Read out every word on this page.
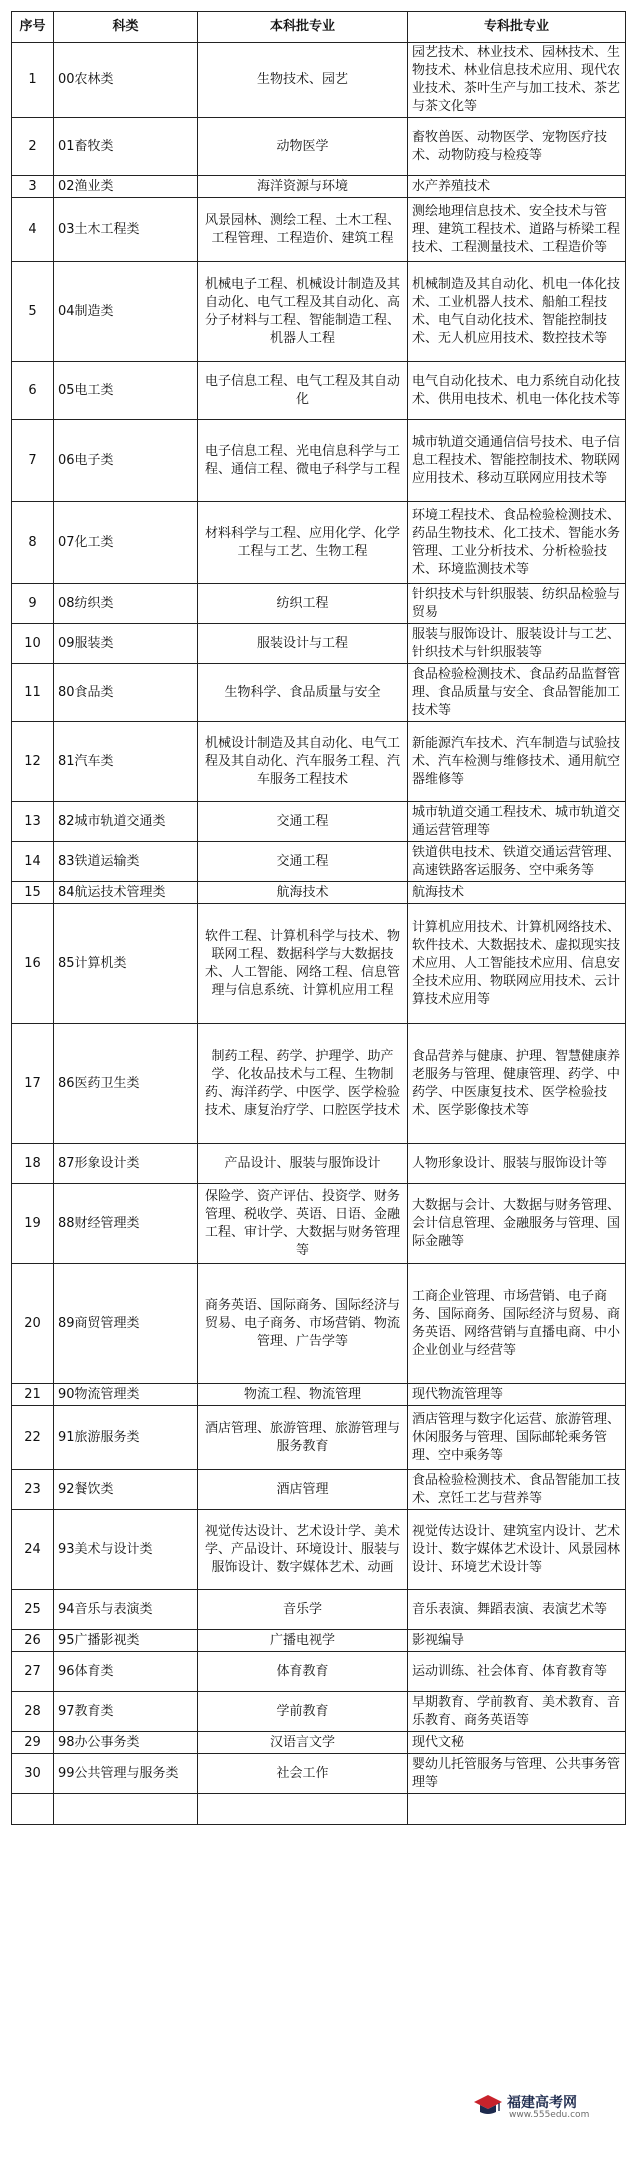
序号	科类	本科批专业	专科批专业
1	00农林类	生物技术、园艺	园艺技术、林业技术、园林技术、生物技术、林业信息技术应用、现代农业技术、茶叶生产与加工技术、茶艺与茶文化等
2	01畜牧类	动物医学	畜牧兽医、动物医学、宠物医疗技术、动物防疫与检疫等
3	02渔业类	海洋资源与环境	水产养殖技术
4	03土木工程类	风景园林、测绘工程、土木工程、工程管理、工程造价、建筑工程	测绘地理信息技术、安全技术与管理、建筑工程技术、道路与桥梁工程技术、工程测量技术、工程造价等
5	04制造类	机械电子工程、机械设计制造及其自动化、电气工程及其自动化、高分子材料与工程、智能制造工程、机器人工程	机械制造及其自动化、机电一体化技术、工业机器人技术、船舶工程技术、电气自动化技术、智能控制技术、无人机应用技术、数控技术等
6	05电工类	电子信息工程、电气工程及其自动化	电气自动化技术、电力系统自动化技术、供用电技术、机电一体化技术等
7	06电子类	电子信息工程、光电信息科学与工程、通信工程、微电子科学与工程	城市轨道交通通信信号技术、电子信息工程技术、智能控制技术、物联网应用技术、移动互联网应用技术等
8	07化工类	材料科学与工程、应用化学、化学工程与工艺、生物工程	环境工程技术、食品检验检测技术、药品生物技术、化工技术、智能水务管理、工业分析技术、分析检验技术、环境监测技术等
9	08纺织类	纺织工程	针织技术与针织服装、纺织品检验与贸易
10	09服装类	服装设计与工程	服装与服饰设计、服装设计与工艺、针织技术与针织服装等
11	80食品类	生物科学、食品质量与安全	食品检验检测技术、食品药品监督管理、食品质量与安全、食品智能加工技术等
12	81汽车类	机械设计制造及其自动化、电气工程及其自动化、汽车服务工程、汽车服务工程技术	新能源汽车技术、汽车制造与试验技术、汽车检测与维修技术、通用航空器维修等
13	82城市轨道交通类	交通工程	城市轨道交通工程技术、城市轨道交通运营管理等
14	83铁道运输类	交通工程	铁道供电技术、铁道交通运营管理、高速铁路客运服务、空中乘务等
15	84航运技术管理类	航海技术	航海技术
16	85计算机类	软件工程、计算机科学与技术、物联网工程、数据科学与大数据技术、人工智能、网络工程、信息管理与信息系统、计算机应用工程	计算机应用技术、计算机网络技术、软件技术、大数据技术、虚拟现实技术应用、人工智能技术应用、信息安全技术应用、物联网应用技术、云计算技术应用等
17	86医药卫生类	制药工程、药学、护理学、助产学、化妆品技术与工程、生物制药、海洋药学、中医学、医学检验技术、康复治疗学、口腔医学技术	食品营养与健康、护理、智慧健康养老服务与管理、健康管理、药学、中药学、中医康复技术、医学检验技术、医学影像技术等
18	87形象设计类	产品设计、服装与服饰设计	人物形象设计、服装与服饰设计等
19	88财经管理类	保险学、资产评估、投资学、财务管理、税收学、英语、日语、金融工程、审计学、大数据与财务管理等	大数据与会计、大数据与财务管理、会计信息管理、金融服务与管理、国际金融等
20	89商贸管理类	商务英语、国际商务、国际经济与贸易、电子商务、市场营销、物流管理、广告学等	工商企业管理、市场营销、电子商务、国际商务、国际经济与贸易、商务英语、网络营销与直播电商、中小企业创业与经营等
21	90物流管理类	物流工程、物流管理	现代物流管理等
22	91旅游服务类	酒店管理、旅游管理、旅游管理与服务教育	酒店管理与数字化运营、旅游管理、休闲服务与管理、国际邮轮乘务管理、空中乘务等
23	92餐饮类	酒店管理	食品检验检测技术、食品智能加工技术、烹饪工艺与营养等
24	93美术与设计类	视觉传达设计、艺术设计学、美术学、产品设计、环境设计、服装与服饰设计、数字媒体艺术、动画	视觉传达设计、建筑室内设计、艺术设计、数字媒体艺术设计、风景园林设计、环境艺术设计等
25	94音乐与表演类	音乐学	音乐表演、舞蹈表演、表演艺术等
26	95广播影视类	广播电视学	影视编导
27	96体育类	体育教育	运动训练、社会体育、体育教育等
28	97教育类	学前教育	早期教育、学前教育、美术教育、音乐教育、商务英语等
29	98办公事务类	汉语言文学	现代文秘
30	99公共管理与服务类	社会工作	婴幼儿托管服务与管理、公共事务管理等

福建高考网
www.555edu.com
